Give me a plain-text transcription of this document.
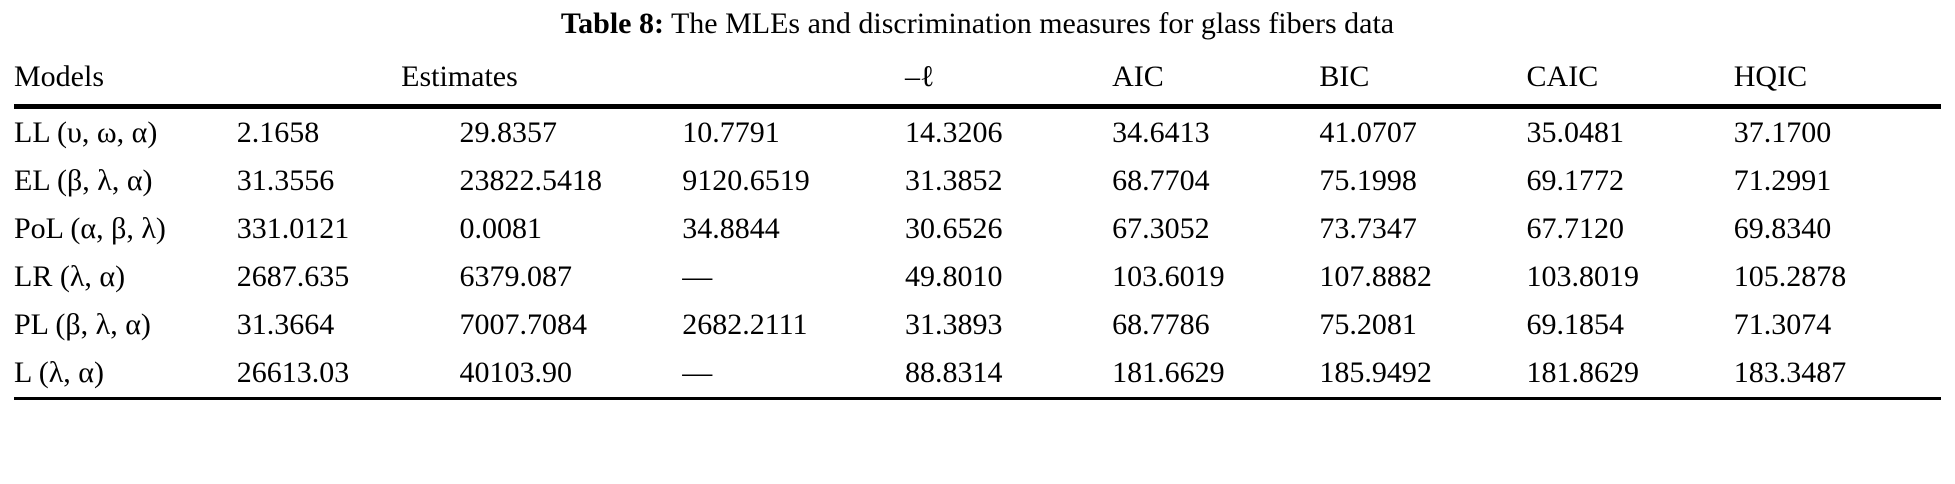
Table 8: The MLEs and discrimination measures for glass fibers data

Models	Estimates			–ℓ	AIC	BIC	CAIC	HQIC

LL (υ, ω, α)	2.1658	29.8357	10.7791	14.3206	34.6413	41.0707	35.0481	37.1700
EL (β, λ, α)	31.3556	23822.5418	9120.6519	31.3852	68.7704	75.1998	69.1772	71.2991
PoL (α, β, λ)	331.0121	0.0081	34.8844	30.6526	67.3052	73.7347	67.7120	69.8340
LR (λ, α)	2687.635	6379.087	—	49.8010	103.6019	107.8882	103.8019	105.2878
PL (β, λ, α)	31.3664	7007.7084	2682.2111	31.3893	68.7786	75.2081	69.1854	71.3074
L (λ, α)	26613.03	40103.90	—	88.8314	181.6629	185.9492	181.8629	183.3487
